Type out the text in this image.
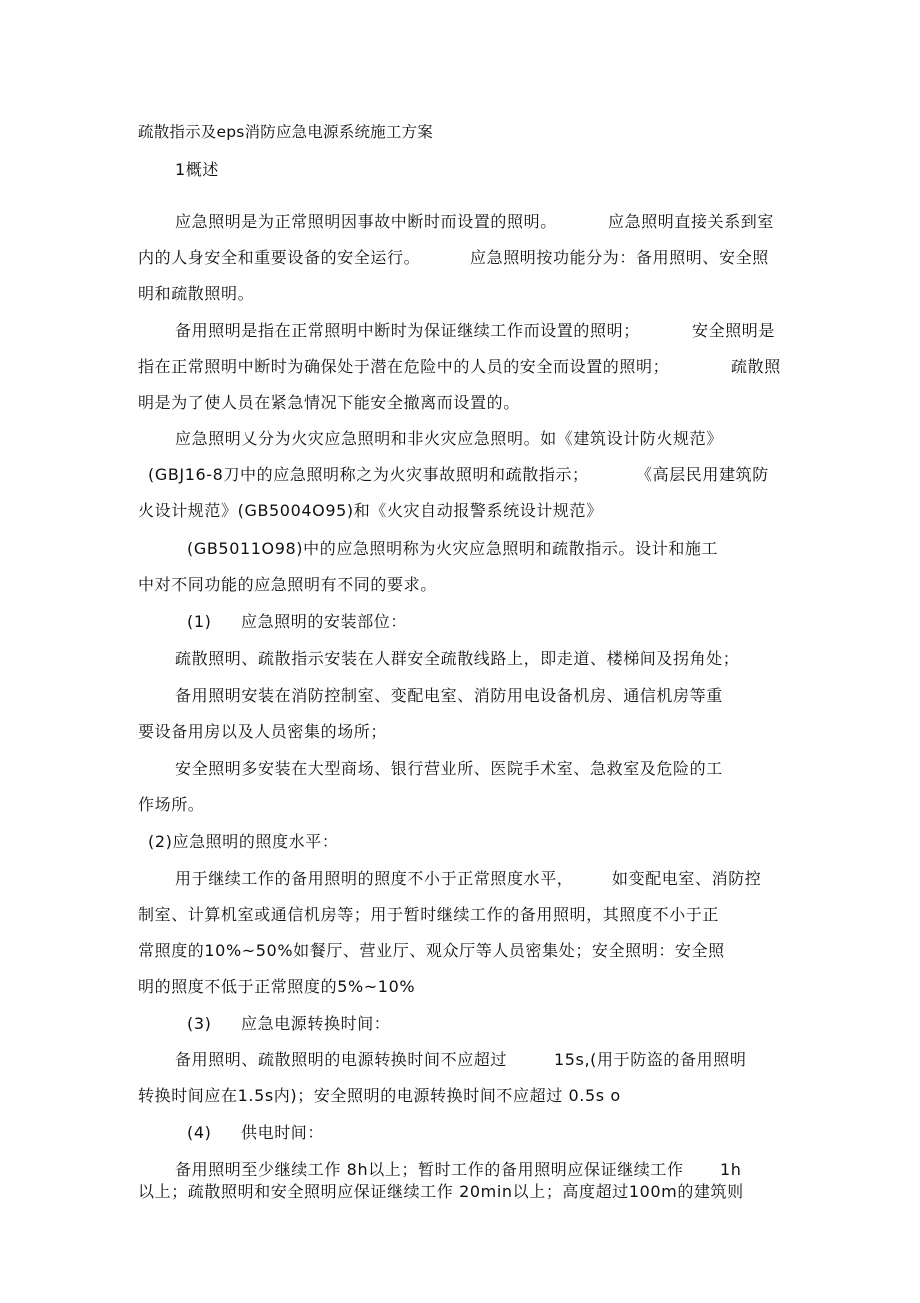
疏散指示及eps消防应急电源系统施工方案
1概述
应急照明是为正常照明因事故中断时而设置的照明。	应急照明直接关系到室
内的人身安全和重要设备的安全运行。	应急照明按功能分为：备用照明、安全照
明和疏散照明。
备用照明是指在正常照明中断时为保证继续工作而设置的照明；	安全照明是
指在正常照明中断时为确保处于潜在危险中的人员的安全而设置的照明；	疏散照
明是为了使人员在紧急情况下能安全撤离而设置的。
应急照明乂分为火灾应急照明和非火灾应急照明。如《建筑设计防火规范》
(GBJ16-8刀中的应急照明称之为火灾事故照明和疏散指示；	《高层民用建筑防
火设计规范》(GB5004O95)和《火灾自动报警系统设计规范》
(GB5011O98)中的应急照明称为火灾应急照明和疏散指示。设计和施工
中对不同功能的应急照明有不同的要求。
(1) 应急照明的安装部位：
疏散照明、疏散指示安装在人群安全疏散线路上，即走道、楼梯间及拐角处；
备用照明安装在消防控制室、变配电室、消防用电设备机房、通信机房等重
要设备用房以及人员密集的场所；
安全照明多安装在大型商场、银行营业所、医院手术室、急救室及危险的工
作场所。
(2)应急照明的照度水平：
用于继续工作的备用照明的照度不小于正常照度水平， 如变配电室、消防控
制室、计算机室或通信机房等；用于暂时继续工作的备用照明，其照度不小于正
常照度的10%~50%如餐厅、营业厅、观众厅等人员密集处；安全照明：安全照
明的照度不低于正常照度的5%~10%
(3) 应急电源转换时间：
备用照明、疏散照明的电源转换时间不应超过	15s,(用于防盗的备用照明
转换时间应在1.5s内)；安全照明的电源转换时间不应超过 0.5s o
(4) 供电时间：
备用照明至少继续工作 8h以上；暂时工作的备用照明应保证继续工作 1h
以上；疏散照明和安全照明应保证继续工作 20min以上；高度超过100m的建筑则
